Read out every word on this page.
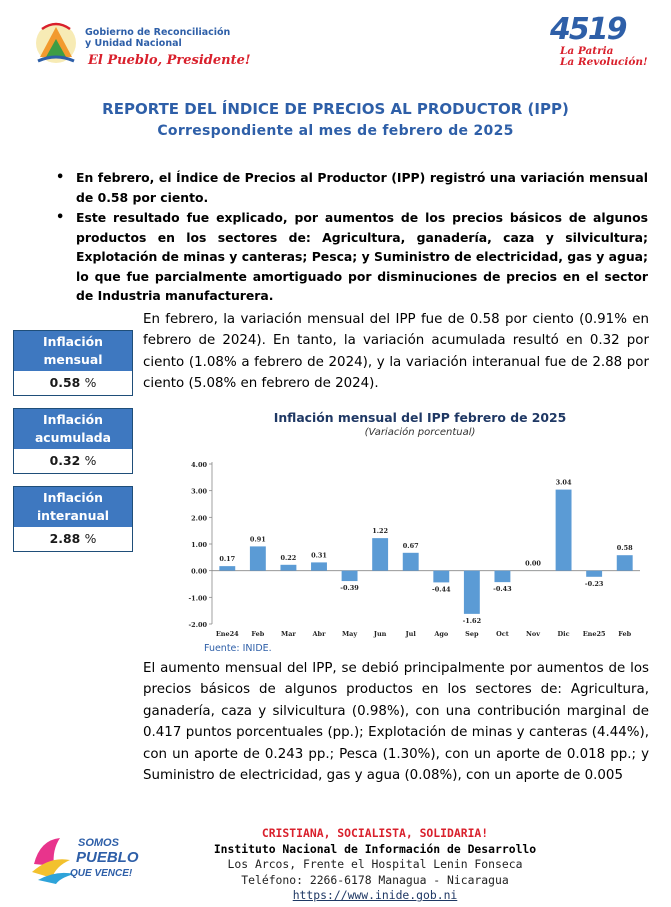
Gobierno de Reconciliación
y Unidad Nacional
El Pueblo, Presidente!
4519
La Patria
La Revolución!
REPORTE DEL ÍNDICE DE PRECIOS AL PRODUCTOR (IPP)
Correspondiente al mes de febrero de 2025
• En febrero, el Índice de Precios al Productor (IPP) registró una variación mensual de 0.58 por ciento.
• Este resultado fue explicado, por aumentos de los precios básicos de algunos productos en los sectores de: Agricultura, ganadería, caza y silvicultura; Explotación de minas y canteras; Pesca; y Suministro de electricidad, gas y agua; lo que fue parcialmente amortiguado por disminuciones de precios en el sector de Industria manufacturera.
Inflación
mensual
0.58 %
Inflación
acumulada
0.32 %
Inflación
interanual
2.88 %
En febrero, la variación mensual del IPP fue de 0.58 por ciento (0.91% en febrero de 2024). En tanto, la variación acumulada resultó en 0.32 por ciento (1.08% a febrero de 2024), y la variación interanual fue de 2.88 por ciento (5.08% en febrero de 2024).
Inflación mensual del IPP febrero de 2025
(Variación porcentual)
4.00
3.00
2.00
1.00
0.00
-1.00
-2.00
0.17
Ene24
0.91
Feb
0.22
Mar
0.31
Abr
-0.39
May
1.22
Jun
0.67
Jul
-0.44
Ago
-1.62
Sep
-0.43
Oct
0.00
Nov
3.04
Dic
-0.23
Ene25
0.58
Feb
Fuente: INIDE.
El aumento mensual del IPP, se debió principalmente por aumentos de los precios básicos de algunos productos en los sectores de: Agricultura, ganadería, caza y silvicultura (0.98%), con una contribución marginal de 0.417 puntos porcentuales (pp.); Explotación de minas y canteras (4.44%), con un aporte de 0.243 pp.; Pesca (1.30%), con un aporte de 0.018 pp.; y Suministro de electricidad, gas y agua (0.08%), con un aporte de 0.005
SOMOS
PUEBLO
QUE VENCE!
CRISTIANA, SOCIALISTA, SOLIDARIA!
Instituto Nacional de Información de Desarrollo
Los Arcos, Frente el Hospital Lenin Fonseca
Teléfono: 2266-6178 Managua - Nicaragua
https://www.inide.gob.ni
